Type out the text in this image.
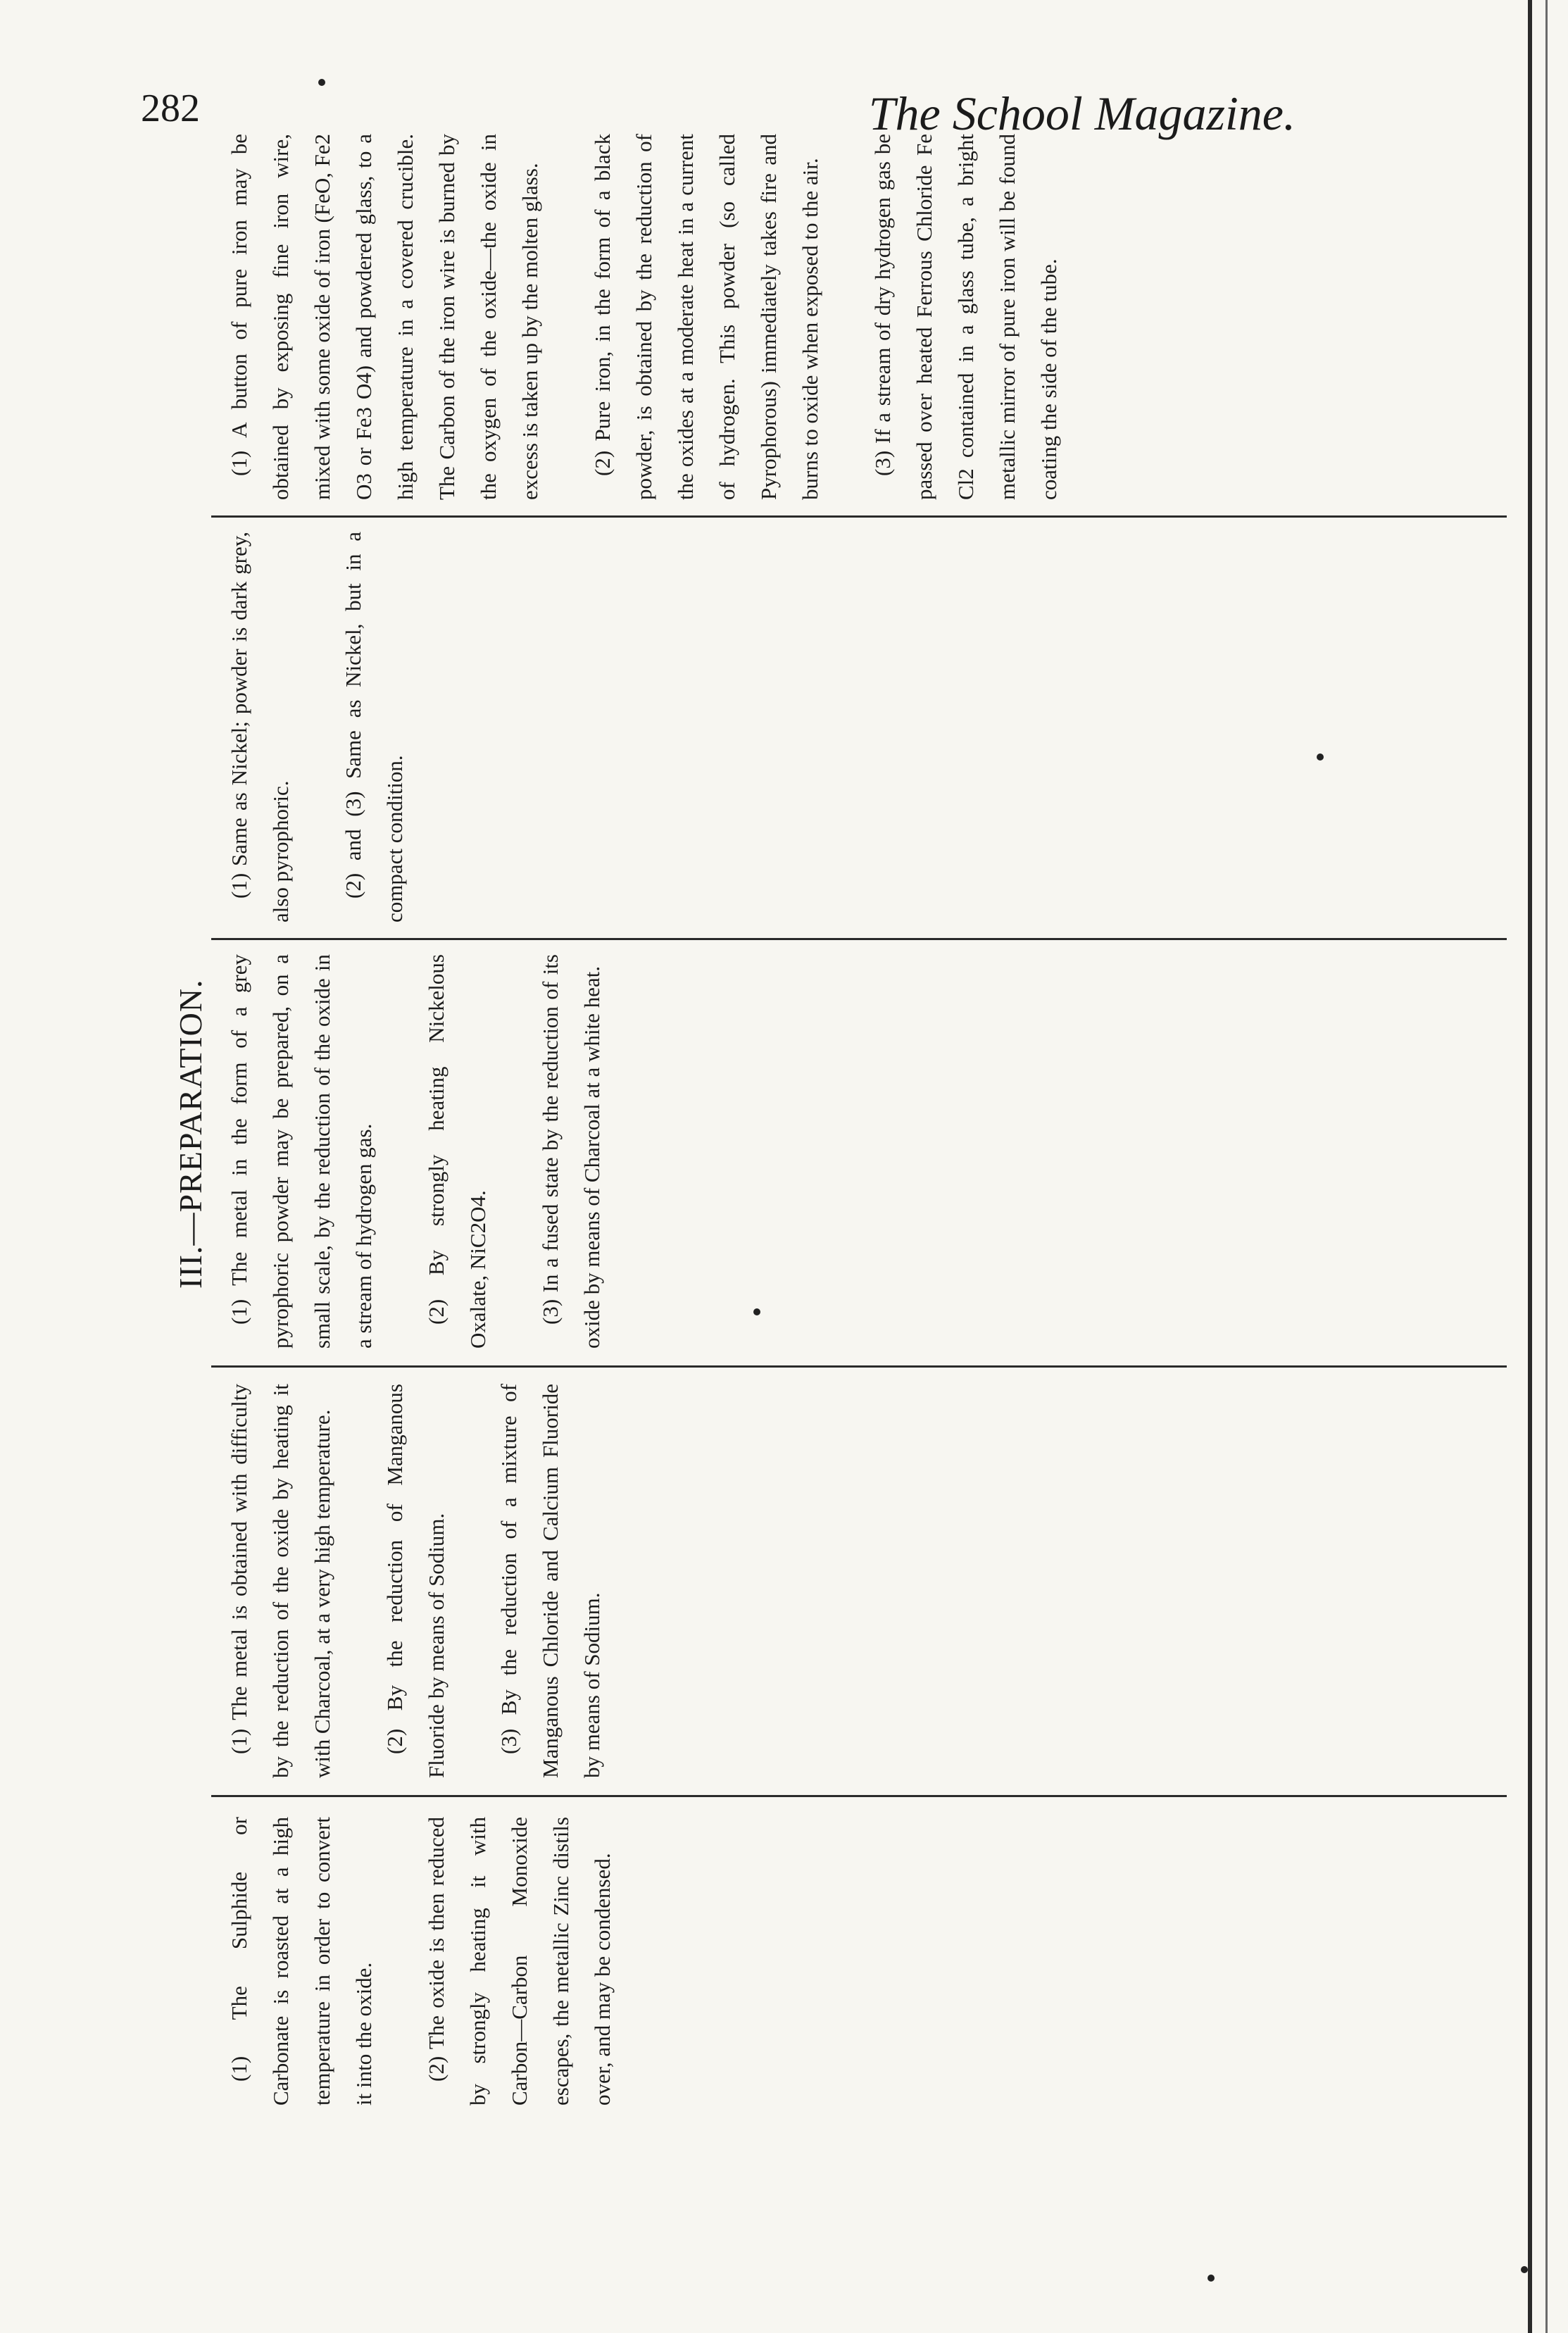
282	The School Magazine.
III.—PREPARATION.

(1) The Sulphide or Carbonate is roasted at a high temperature in order to convert it into the oxide.	(2) The oxide is then reduced by strongly heating it with Carbon—Carbon Monoxide escapes, the metallic Zinc distils over, and may be condensed.

(1) The metal is obtained with difficulty by the reduction of the oxide by heating it with Charcoal, at a very high temperature.	(2) By the reduction of Manganous Fluoride by means of Sodium.	(3) By the reduction of a mixture of Manganous Chloride and Calcium Fluoride by means of Sodium.

(1) The metal in the form of a grey pyrophoric powder may be prepared, on a small scale, by the reduction of the oxide in a stream of hydrogen gas.	(2) By strongly heating Nickelous Oxalate, NiC2O4.	(3) In a fused state by the reduction of its oxide by means of Charcoal at a white heat.

(1) Same as Nickel; powder is dark grey, also pyrophoric.	(2) and (3) Same as Nickel, but in a compact condition.

(1) A button of pure iron may be obtained by exposing fine iron wire, mixed with some oxide of iron (FeO, Fe2 O3 or Fe3 O4) and powdered glass, to a high temperature in a covered crucible. The Carbon of the iron wire is burned by the oxygen of the oxide—the oxide in excess is taken up by the molten glass.	(2) Pure iron, in the form of a black powder, is obtained by the reduction of the oxides at a moderate heat in a current of hydrogen. This powder (so called Pyrophorous) immediately takes fire and burns to oxide when exposed to the air.	(3) If a stream of dry hydrogen gas be passed over heated Ferrous Chloride Fe Cl2 contained in a glass tube, a bright metallic mirror of pure iron will be found coating the side of the tube.
